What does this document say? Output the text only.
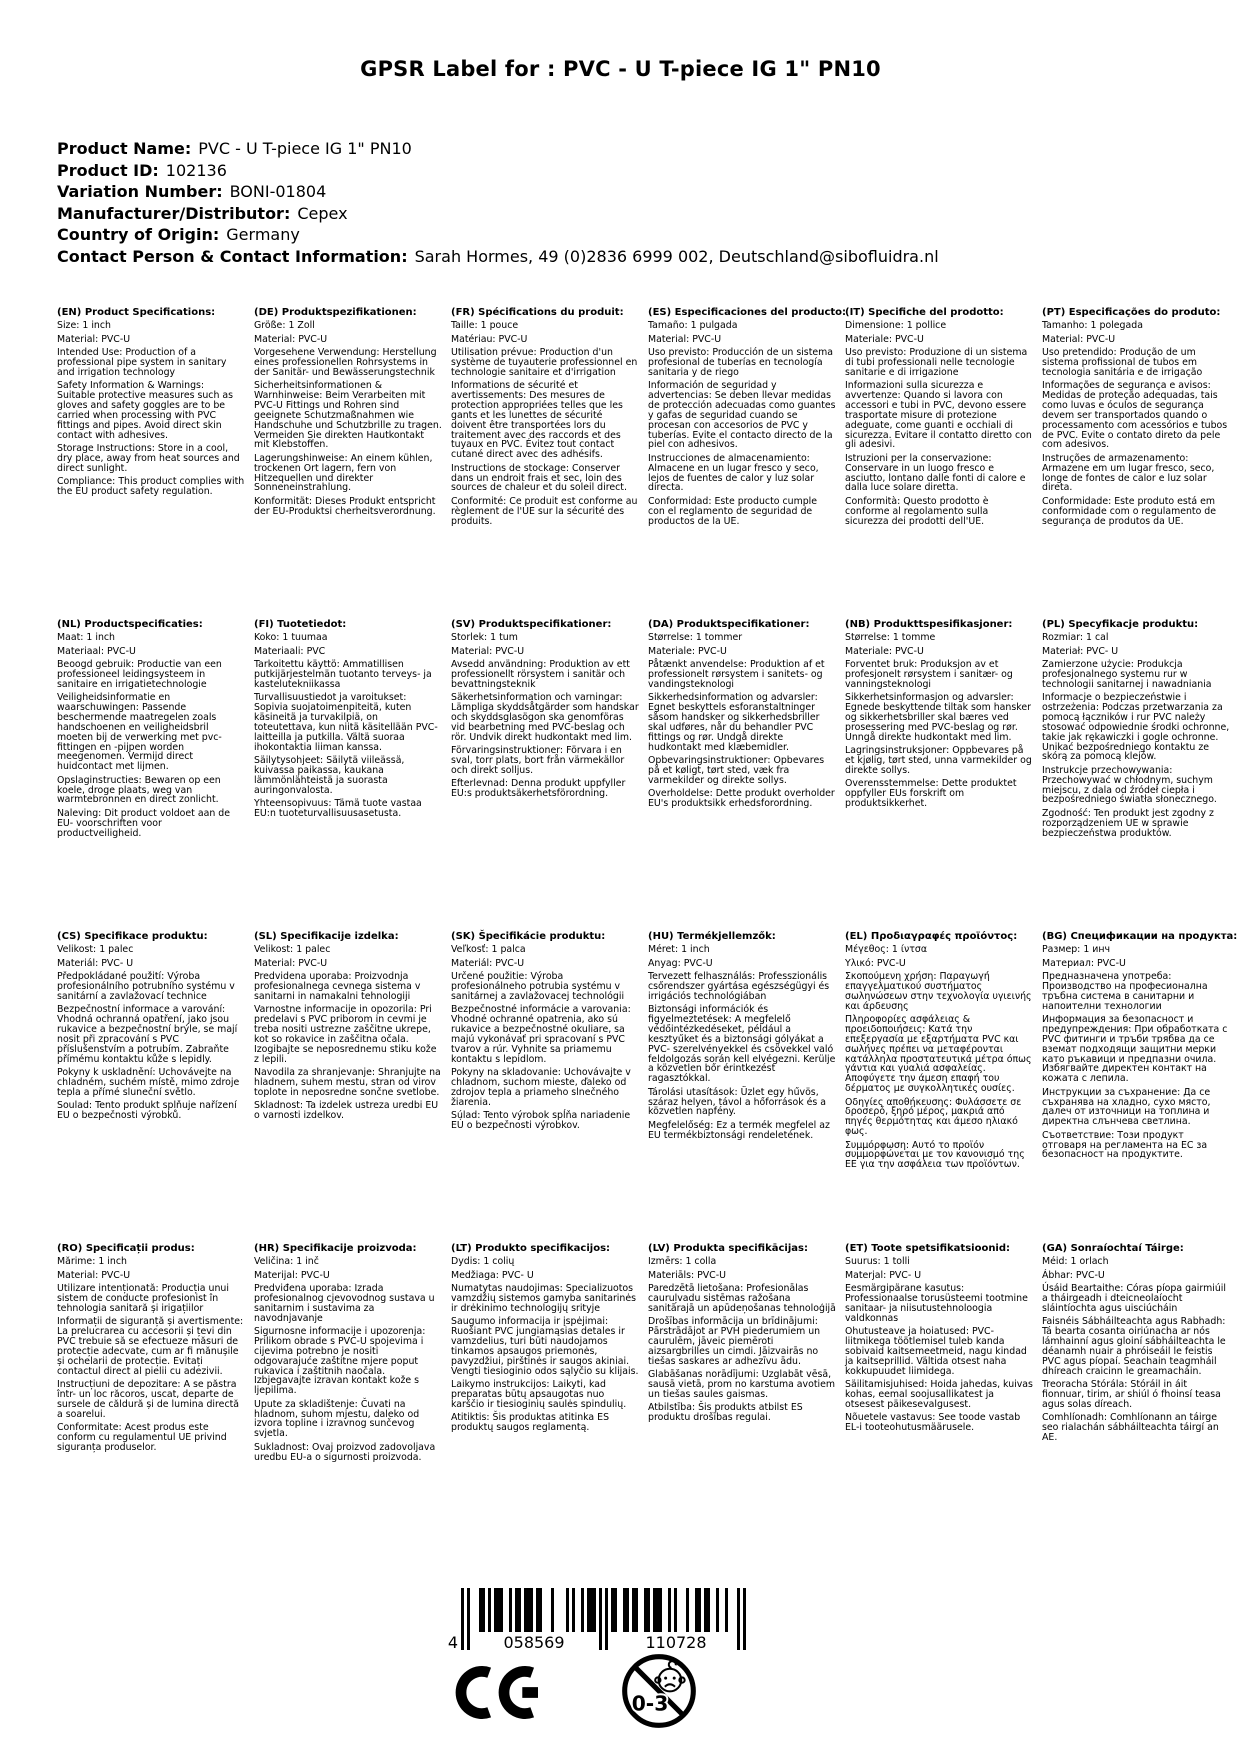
GPSR Label for : PVC - U T-piece IG 1" PN10
Product Name: PVC - U T-piece IG 1" PN10
Product ID: 102136
Variation Number: BONI-01804
Manufacturer/Distributor: Cepex
Country of Origin: Germany
Contact Person & Contact Information: Sarah Hormes, 49 (0)2836 6999 002, Deutschland@sibofluidra.nl
(EN) Product Specifications:

Size: 1 inch

Material: PVC-U

Intended Use: Production of a professional pipe system in sanitary and irrigation technology

Safety Information & Warnings: Suitable protective measures such as gloves and safety goggles are to be carried when processing with PVC fittings and pipes. Avoid direct skin contact with adhesives.

Storage Instructions: Store in a cool, dry place, away from heat sources and direct sunlight.

Compliance: This product complies with the EU product safety regulation.

(DE) Produktspezifikationen:

Größe: 1 Zoll

Material: PVC-U

Vorgesehene Verwendung: Herstellung eines professionellen Rohrsystems in der Sanitär- und Bewässerungstechnik

Sicherheitsinformationen & Warnhinweise: Beim Verarbeiten mit PVC-U Fittings und Rohren sind geeignete Schutzmaßnahmen wie Handschuhe und Schutzbrille zu tragen. Vermeiden Sie direkten Hautkontakt mit Klebstoffen.

Lagerungshinweise: An einem kühlen, trockenen Ort lagern, fern von Hitzequellen und direkter Sonneneinstrahlung.

Konformität: Dieses Produkt entspricht der EU-Produktsi cherheitsverordnung.

(FR) Spécifications du produit:

Taille: 1 pouce

Matériau: PVC-U

Utilisation prévue: Production d'un système de tuyauterie professionnel en technologie sanitaire et d'irrigation

Informations de sécurité et avertissements: Des mesures de protection appropriées telles que les gants et les lunettes de sécurité doivent être transportées lors du traitement avec des raccords et des tuyaux en PVC. Évitez tout contact cutané direct avec des adhésifs.

Instructions de stockage: Conserver dans un endroit frais et sec, loin des sources de chaleur et du soleil direct.

Conformité: Ce produit est conforme au règlement de l'UE sur la sécurité des produits.

(ES) Especificaciones del producto:

Tamaño: 1 pulgada

Material: PVC-U

Uso previsto: Producción de un sistema profesional de tuberías en tecnología sanitaria y de riego

Información de seguridad y advertencias: Se deben llevar medidas de protección adecuadas como guantes y gafas de seguridad cuando se procesan con accesorios de PVC y tuberías. Evite el contacto directo de la piel con adhesivos.

Instrucciones de almacenamiento: Almacene en un lugar fresco y seco, lejos de fuentes de calor y luz solar directa.

Conformidad: Este producto cumple con el reglamento de seguridad de productos de la UE.

(IT) Specifiche del prodotto:

Dimensione: 1 pollice

Materiale: PVC-U

Uso previsto: Produzione di un sistema di tubi professionali nelle tecnologie sanitarie e di irrigazione

Informazioni sulla sicurezza e avvertenze: Quando si lavora con accessori e tubi in PVC, devono essere trasportate misure di protezione adeguate, come guanti e occhiali di sicurezza. Evitare il contatto diretto con gli adesivi.

Istruzioni per la conservazione: Conservare in un luogo fresco e asciutto, lontano dalle fonti di calore e dalla luce solare diretta.

Conformità: Questo prodotto è conforme al regolamento sulla sicurezza dei prodotti dell'UE.

(PT) Especificações do produto:

Tamanho: 1 polegada

Material: PVC-U

Uso pretendido: Produção de um sistema profissional de tubos em tecnologia sanitária e de irrigação

Informações de segurança e avisos: Medidas de proteção adequadas, tais como luvas e óculos de segurança devem ser transportados quando o processamento com acessórios e tubos de PVC. Evite o contato direto da pele com adesivos.

Instruções de armazenamento: Armazene em um lugar fresco, seco, longe de fontes de calor e luz solar direta.

Conformidade: Este produto está em conformidade com o regulamento de segurança de produtos da UE.

(NL) Productspecificaties:

Maat: 1 inch

Materiaal: PVC-U

Beoogd gebruik: Productie van een professioneel leidingsysteem in sanitaire en irrigatietechnologie

Veiligheidsinformatie en waarschuwingen: Passende beschermende maatregelen zoals handschoenen en veiligheidsbril moeten bij de verwerking met pvc- fittingen en -pijpen worden meegenomen. Vermijd direct huidcontact met lijmen.

Opslaginstructies: Bewaren op een koele, droge plaats, weg van warmtebronnen en direct zonlicht.

Naleving: Dit product voldoet aan de EU- voorschriften voor productveiligheid.

(FI) Tuotetiedot:

Koko: 1 tuumaa

Materiaali: PVC

Tarkoitettu käyttö: Ammatillisen putkijärjestelmän tuotanto terveys- ja kastelutekniikassa

Turvallisuustiedot ja varoitukset: Sopivia suojatoimenpiteitä, kuten käsineitä ja turvakilpiä, on toteutettava, kun niitä käsitellään PVC-laitteilla ja putkilla. Vältä suoraa ihokontaktia liiman kanssa.

Säilytysohjeet: Säilytä viileässä, kuivassa paikassa, kaukana lämmönlähteistä ja suorasta auringonvalosta.

Yhteensopivuus: Tämä tuote vastaa EU:n tuoteturvallisuusasetusta.

(SV) Produktspecifikationer:

Storlek: 1 tum

Material: PVC-U

Avsedd användning: Produktion av ett professionellt rörsystem i sanitär och bevattningsteknik

Säkerhetsinformation och varningar: Lämpliga skyddsåtgärder som handskar och skyddsglasögon ska genomföras vid bearbetning med PVC-beslag och rör. Undvik direkt hudkontakt med lim.

Förvaringsinstruktioner: Förvara i en sval, torr plats, bort från värmekällor och direkt solljus.

Efterlevnad: Denna produkt uppfyller EU:s produktsäkerhetsförordning.

(DA) Produktspecifikationer:

Størrelse: 1 tommer

Materiale: PVC-U

Påtænkt anvendelse: Produktion af et professionelt rørsystem i sanitets- og vandingsteknologi

Sikkerhedsinformation og advarsler: Egnet beskyttels esforanstaltninger såsom handsker og sikkerhedsbriller skal udføres, når du behandler PVC fittings og rør. Undgå direkte hudkontakt med klæbemidler.

Opbevaringsinstruktioner: Opbevares på et køligt, tørt sted, væk fra varmekilder og direkte sollys.

Overholdelse: Dette produkt overholder EU's produktsikk erhedsforordning.

(NB) Produkttspesifikasjoner:

Størrelse: 1 tomme

Materiale: PVC-U

Forventet bruk: Produksjon av et profesjonelt rørsystem i sanitær- og vanningsteknologi

Sikkerhetsinformasjon og advarsler: Egnede beskyttende tiltak som hansker og sikkerhetsbriller skal bæres ved prosessering med PVC-beslag og rør. Unngå direkte hudkontakt med lim.

Lagringsinstruksjoner: Oppbevares på et kjølig, tørt sted, unna varmekilder og direkte sollys.

Overensstemmelse: Dette produktet oppfyller EUs forskrift om produktsikkerhet.

(PL) Specyfikacje produktu:

Rozmiar: 1 cal

Materiał: PVC- U

Zamierzone użycie: Produkcja profesjonalnego systemu rur w technologii sanitarnej i nawadniania

Informacje o bezpieczeństwie i ostrzeżenia: Podczas przetwarzania za pomocą łączników i rur PVC należy stosować odpowiednie środki ochronne, takie jak rękawiczki i gogle ochronne. Unikać bezpośredniego kontaktu ze skórą za pomocą klejów.

Instrukcje przechowywania: Przechowywać w chłodnym, suchym miejscu, z dala od źródeł ciepła i bezpośredniego światła słonecznego.

Zgodność: Ten produkt jest zgodny z rozporządzeniem UE w sprawie bezpieczeństwa produktów.

(CS) Specifikace produktu:

Velikost: 1 palec

Materiál: PVC- U

Předpokládané použití: Výroba profesionálního potrubního systému v sanitární a zavlažovací technice

Bezpečnostní informace a varování: Vhodná ochranná opatření, jako jsou rukavice a bezpečnostní brýle, se mají nosit při zpracování s PVC příslušenstvím a potrubím. Zabraňte přímému kontaktu kůže s lepidly.

Pokyny k uskladnění: Uchovávejte na chladném, suchém místě, mimo zdroje tepla a přímé sluneční světlo.

Soulad: Tento produkt splňuje nařízení EU o bezpečnosti výrobků.

(SL) Specifikacije izdelka:

Velikost: 1 palec

Material: PVC-U

Predvidena uporaba: Proizvodnja profesionalnega cevnega sistema v sanitarni in namakalni tehnologiji

Varnostne informacije in opozorila: Pri predelavi s PVC priborom in cevmi je treba nositi ustrezne zaščitne ukrepe, kot so rokavice in zaščitna očala. Izogibajte se neposrednemu stiku kože z lepili.

Navodila za shranjevanje: Shranjujte na hladnem, suhem mestu, stran od virov toplote in neposredne sončne svetlobe.

Skladnost: Ta izdelek ustreza uredbi EU o varnosti izdelkov.

(SK) Špecifikácie produktu:

Veľkosť: 1 palca

Materiál: PVC-U

Určené použitie: Výroba profesionálneho potrubia systému v sanitárnej a zavlažovacej technológii

Bezpečnostné informácie a varovania: Vhodné ochranné opatrenia, ako sú rukavice a bezpečnostné okuliare, sa majú vykonávať pri spracovaní s PVC tvarov a rúr. Vyhnite sa priamemu kontaktu s lepidlom.

Pokyny na skladovanie: Uchovávajte v chladnom, suchom mieste, ďaleko od zdrojov tepla a priameho slnečného žiarenia.

Súlad: Tento výrobok spĺňa nariadenie EÚ o bezpečnosti výrobkov.

(HU) Termékjellemzők:

Méret: 1 inch

Anyag: PVC-U

Tervezett felhasználás: Professzionális csőrendszer gyártása egészségügyi és irrigációs technológiában

Biztonsági információk és figyelmeztetések: A megfelelő védőintézkedéseket, például a kesztyűket és a biztonsági gólyákat a PVC- szerelvényekkel és csövekkel való feldolgozás során kell elvégezni. Kerülje a közvetlen bőr érintkezést ragasztókkal.

Tárolási utasítások: Üzlet egy hűvös, száraz helyen, távol a hőforrások és a közvetlen napfény.

Megfelelőség: Ez a termék megfelel az EU termékbiztonsági rendeletének.

(EL) Προδιαγραφές προϊόντος:

Μέγεθος: 1 ίντσα

Υλικό: PVC-U

Σκοπούμενη χρήση: Παραγωγή επαγγελματικού συστήματος σωληνώσεων στην τεχνολογία υγιεινής και άρδευσης

Πληροφορίες ασφάλειας & προειδοποιήσεις: Κατά την επεξεργασία με εξαρτήματα PVC και σωλήνες πρέπει να μεταφέρονται κατάλληλα προστατευτικά μέτρα όπως γάντια και γυαλιά ασφαλείας. Αποφύγετε την άμεση επαφή του δέρματος με συγκολλητικές ουσίες.

Οδηγίες αποθήκευσης: Φυλάσσετε σε δροσερό, ξηρό μέρος, μακριά από πηγές θερμότητας και άμεσο ηλιακό φως.

Συμμόρφωση: Αυτό το προϊόν συμμορφώνεται με τον κανονισμό της ΕΕ για την ασφάλεια των προϊόντων.

(BG) Спецификации на продукта:

Размер: 1 инч

Материал: PVC-U

Предназначена употреба: Производство на професионална тръбна система в санитарни и напоителни технологии

Информация за безопасност и предупреждения: При обработката с PVC фитинги и тръби трябва да се вземат подходящи защитни мерки като ръкавици и предпазни очила. Избягвайте директен контакт на кожата с лепила.

Инструкции за съхранение: Да се съхранява на хладно, сухо място, далеч от източници на топлина и директна слънчева светлина.

Съответствие: Този продукт отговаря на регламента на ЕС за безопасност на продуктите.

(RO) Specificații produs:

Mărime: 1 inch

Material: PVC-U

Utilizare intenționată: Producția unui sistem de conducte profesionist în tehnologia sanitară și irigațiilor

Informații de siguranță și avertismente: La prelucrarea cu accesorii și țevi din PVC trebuie să se efectueze măsuri de protecție adecvate, cum ar fi mănușile și ochelarii de protecție. Evitați contactul direct al pielii cu adezivii.

Instrucțiuni de depozitare: A se păstra într- un loc răcoros, uscat, departe de sursele de căldură și de lumina directă a soarelui.

Conformitate: Acest produs este conform cu regulamentul UE privind siguranța produselor.

(HR) Specifikacije proizvoda:

Veličina: 1 inč

Materijal: PVC-U

Predviđena uporaba: Izrada profesionalnog cjevovodnog sustava u sanitarnim i sustavima za navodnjavanje

Sigurnosne informacije i upozorenja: Prilikom obrade s PVC-U spojevima i cijevima potrebno je nositi odgovarajuće zaštitne mjere poput rukavica i zaštitnih naočala. Izbjegavajte izravan kontakt kože s ljepilima.

Upute za skladištenje: Čuvati na hladnom, suhom mjestu, daleko od izvora topline i izravnog sunčevog svjetla.

Sukladnost: Ovaj proizvod zadovoljava uredbu EU-a o sigurnosti proizvoda.

(LT) Produkto specifikacijos:

Dydis: 1 colių

Medžiaga: PVC- U

Numatytas naudojimas: Specializuotos vamzdžių sistemos gamyba sanitarinės ir drėkinimo technologijų srityje

Saugumo informacija ir įspėjimai: Ruošiant PVC jungiamąsias detales ir vamzdelius, turi būti naudojamos tinkamos apsaugos priemonės, pavyzdžiui, pirštinės ir saugos akiniai. Vengti tiesioginio odos sąlyčio su klijais.

Laikymo instrukcijos: Laikyti, kad preparatas būtų apsaugotas nuo karščio ir tiesioginių saulės spindulių.

Atitiktis: Šis produktas atitinka ES produktų saugos reglamentą.

(LV) Produkta specifikācijas:

Izmērs: 1 colla

Materiāls: PVC-U

Paredzētā lietošana: Profesionālas cauruļvadu sistēmas ražošana sanitārajā un apūdeņošanas tehnoloģijā

Drošības informācija un brīdinājumi: Pārstrādājot ar PVH piederumiem un caurulēm, jāveic piemēroti aizsargbrilles un cimdi. Jāizvairās no tiešas saskares ar adhezīvu ādu.

Glabāšanas norādījumi: Uzglabāt vēsā, sausā vietā, prom no karstuma avotiem un tiešas saules gaismas.

Atbilstība: Šis produkts atbilst ES produktu drošības regulai.

(ET) Toote spetsifikatsioonid:

Suurus: 1 tolli

Materjal: PVC- U

Eesmärgipärane kasutus: Professionaalse torusüsteemi tootmine sanitaar- ja niisutustehnoloogia valdkonnas

Ohutusteave ja hoiatused: PVC-liitmikega töötlemisel tuleb kanda sobivaid kaitsemeetmeid, nagu kindad ja kaitseprillid. Vältida otsest naha kokkupuudet liimidega.

Säilitamisjuhised: Hoida jahedas, kuivas kohas, eemal soojusallikatest ja otsesest päikesevalgusest.

Nõuetele vastavus: See toode vastab EL-i tooteohutusmäärusele.

(GA) Sonraíochtaí Táirge:

Méid: 1 orlach

Ábhar: PVC-U

Úsáid Beartaithe: Córas píopa gairmiúil a tháirgeadh i dteicneolaíocht sláintíochta agus uisciúcháin

Faisnéis Sábháilteachta agus Rabhadh: Tá bearta cosanta oiriúnacha ar nós lámhainní agus gloiní sábháilteachta le déanamh nuair a phróiseáil le feistis PVC agus píopaí. Seachain teagmháil dhíreach craicinn le greamacháin.

Treoracha Stórála: Stóráil in áit fionnuar, tirim, ar shiúl ó fhoinsí teasa agus solas díreach.

Comhlíonadh: Comhlíonann an táirge seo rialachán sábháilteachta táirgí an AE.

4	058569	110728
0-3
